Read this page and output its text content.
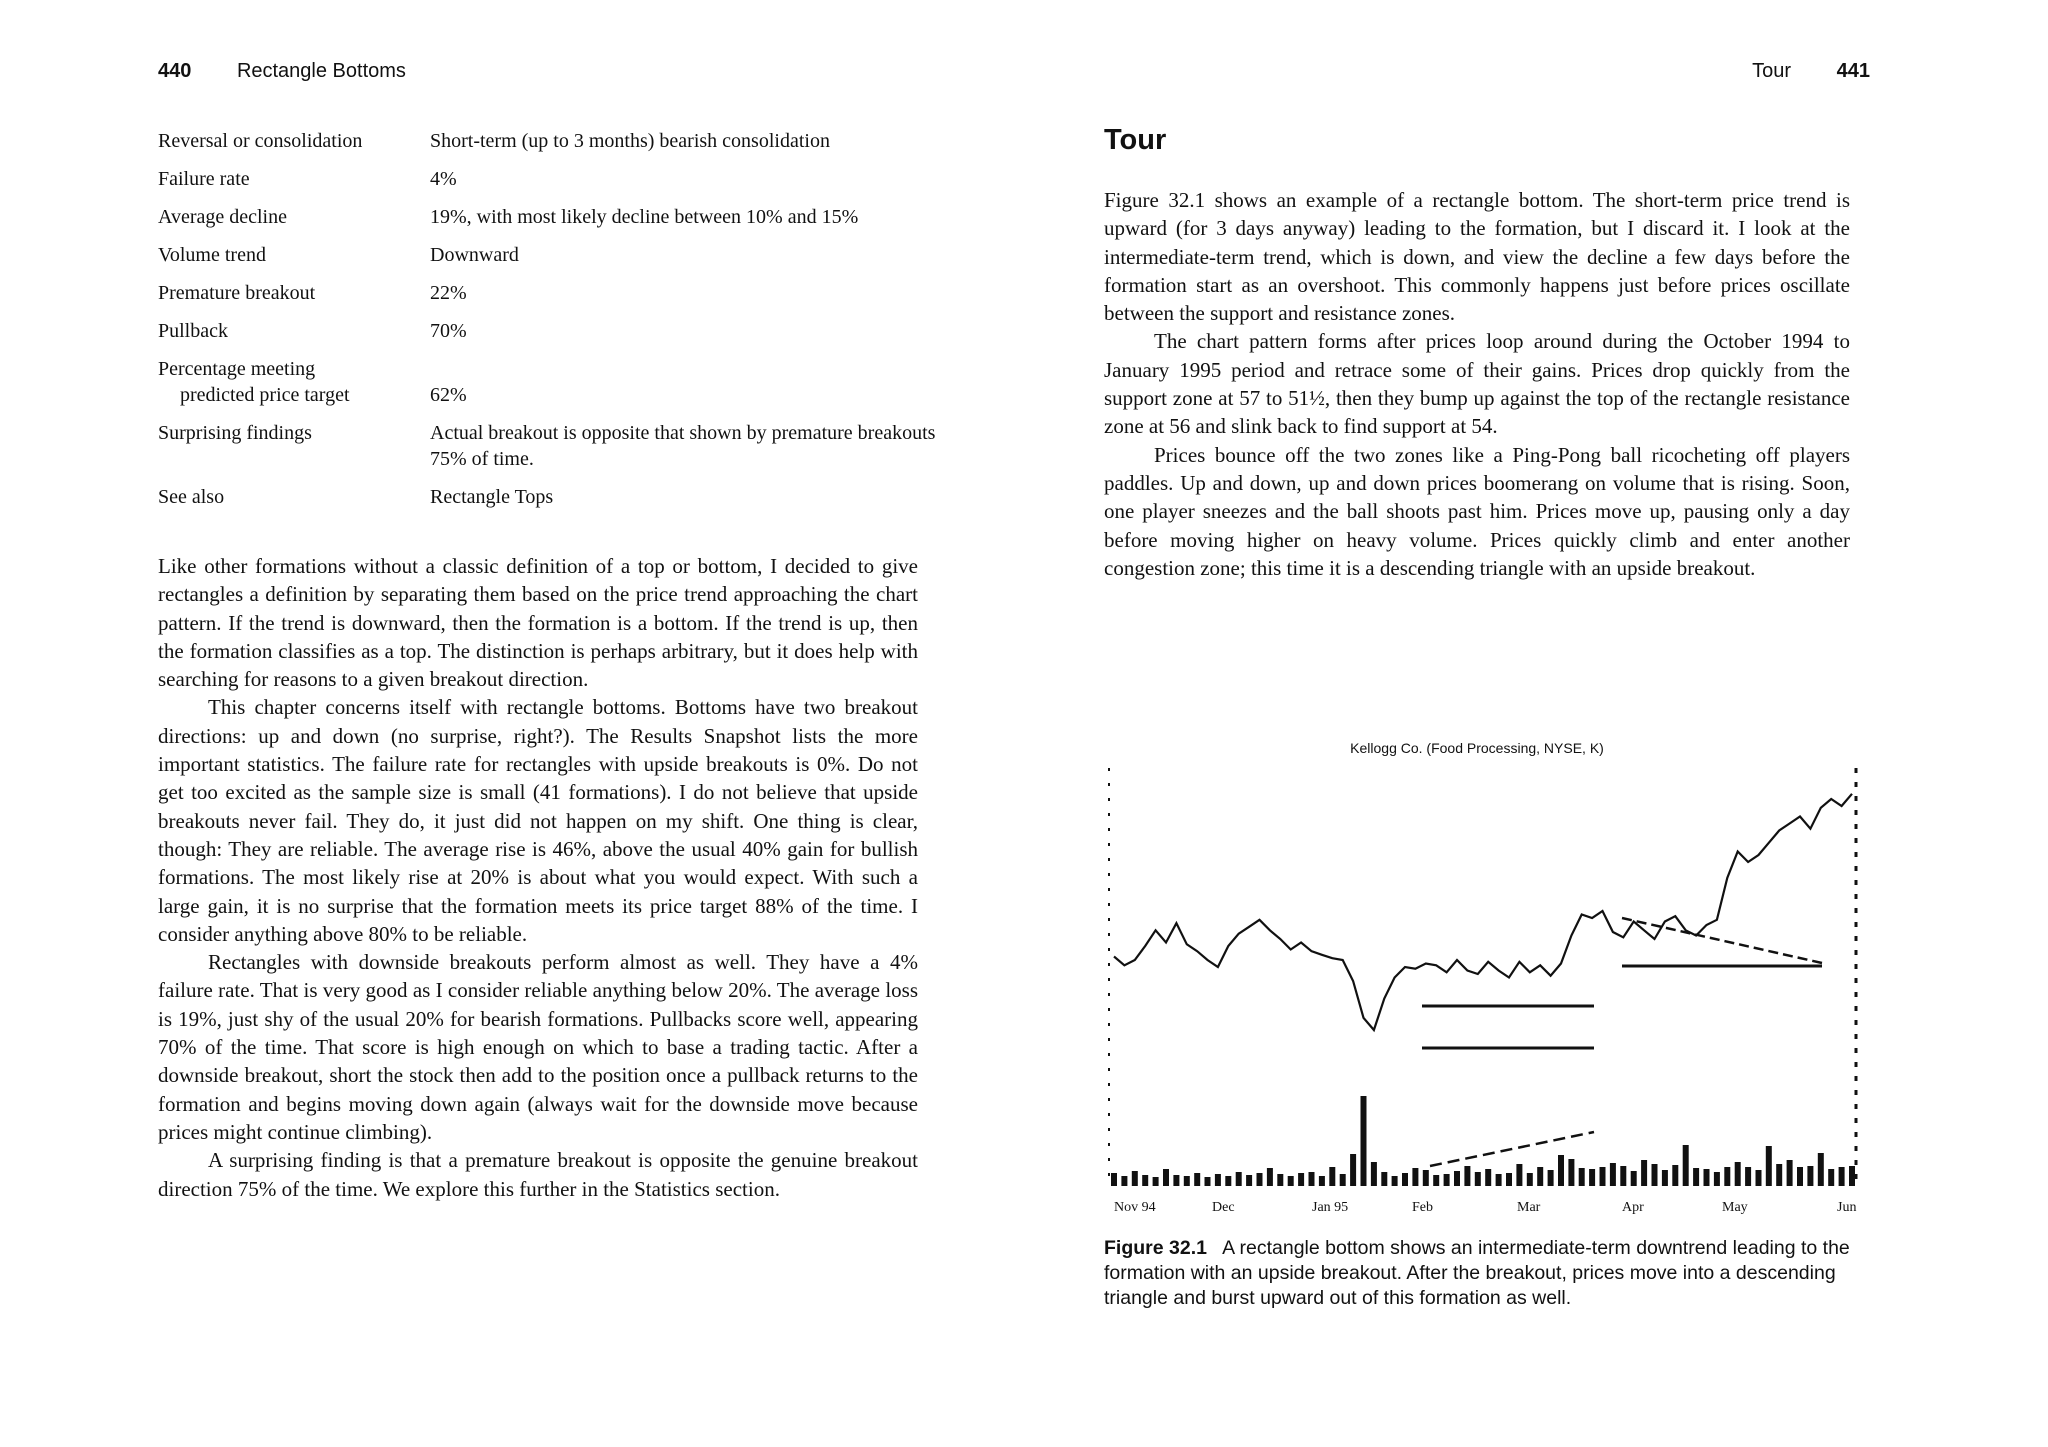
440 Rectangle Bottoms
Reversal or consolidation	Short-term (up to 3 months) bearish consolidation
Failure rate	4%
Average decline	19%, with most likely decline between 10% and 15%
Volume trend	Downward
Premature breakout	22%
Pullback	70%
Percentage meeting
predicted price target	62%
Surprising findings	Actual breakout is opposite that shown by premature breakouts 75% of time.
See also	Rectangle Tops

Like other formations without a classic definition of a top or bottom, I decided to give rectangles a definition by separating them based on the price trend approaching the chart pattern. If the trend is downward, then the formation is a bottom. If the trend is up, then the formation classifies as a top. The distinction is perhaps arbitrary, but it does help with searching for reasons to a given breakout direction.

This chapter concerns itself with rectangle bottoms. Bottoms have two breakout directions: up and down (no surprise, right?). The Results Snapshot lists the more important statistics. The failure rate for rectangles with upside breakouts is 0%. Do not get too excited as the sample size is small (41 formations). I do not believe that upside breakouts never fail. They do, it just did not happen on my shift. One thing is clear, though: They are reliable. The average rise is 46%, above the usual 40% gain for bullish formations. The most likely rise at 20% is about what you would expect. With such a large gain, it is no surprise that the formation meets its price target 88% of the time. I consider anything above 80% to be reliable.

Rectangles with downside breakouts perform almost as well. They have a 4% failure rate. That is very good as I consider reliable anything below 20%. The average loss is 19%, just shy of the usual 20% for bearish formations. Pullbacks score well, appearing 70% of the time. That score is high enough on which to base a trading tactic. After a downside breakout, short the stock then add to the position once a pullback returns to the formation and begins moving down again (always wait for the downside move because prices might continue climbing).

A surprising finding is that a premature breakout is opposite the genuine breakout direction 75% of the time. We explore this further in the Statistics section.

Tour 441
Tour

Figure 32.1 shows an example of a rectangle bottom. The short-term price trend is upward (for 3 days anyway) leading to the formation, but I discard it. I look at the intermediate-term trend, which is down, and view the decline a few days before the formation start as an overshoot. This commonly happens just before prices oscillate between the support and resistance zones.

The chart pattern forms after prices loop around during the October 1994 to January 1995 period and retrace some of their gains. Prices drop quickly from the support zone at 57 to 51½, then they bump up against the top of the rectangle resistance zone at 56 and slink back to find support at 54.

Prices bounce off the two zones like a Ping-Pong ball ricocheting off players paddles. Up and down, up and down prices boomerang on volume that is rising. Soon, one player sneezes and the ball shoots past him. Prices move up, pausing only a day before moving higher on heavy volume. Prices quickly climb and enter another congestion zone; this time it is a descending triangle with an upside breakout.

Kellogg Co. (Food Processing, NYSE, K)
Nov 94	Dec	Jan 95	Feb	Mar	Apr	May	Jun

Figure 32.1 A rectangle bottom shows an intermediate-term downtrend leading to the formation with an upside breakout. After the breakout, prices move into a descending triangle and burst upward out of this formation as well.
